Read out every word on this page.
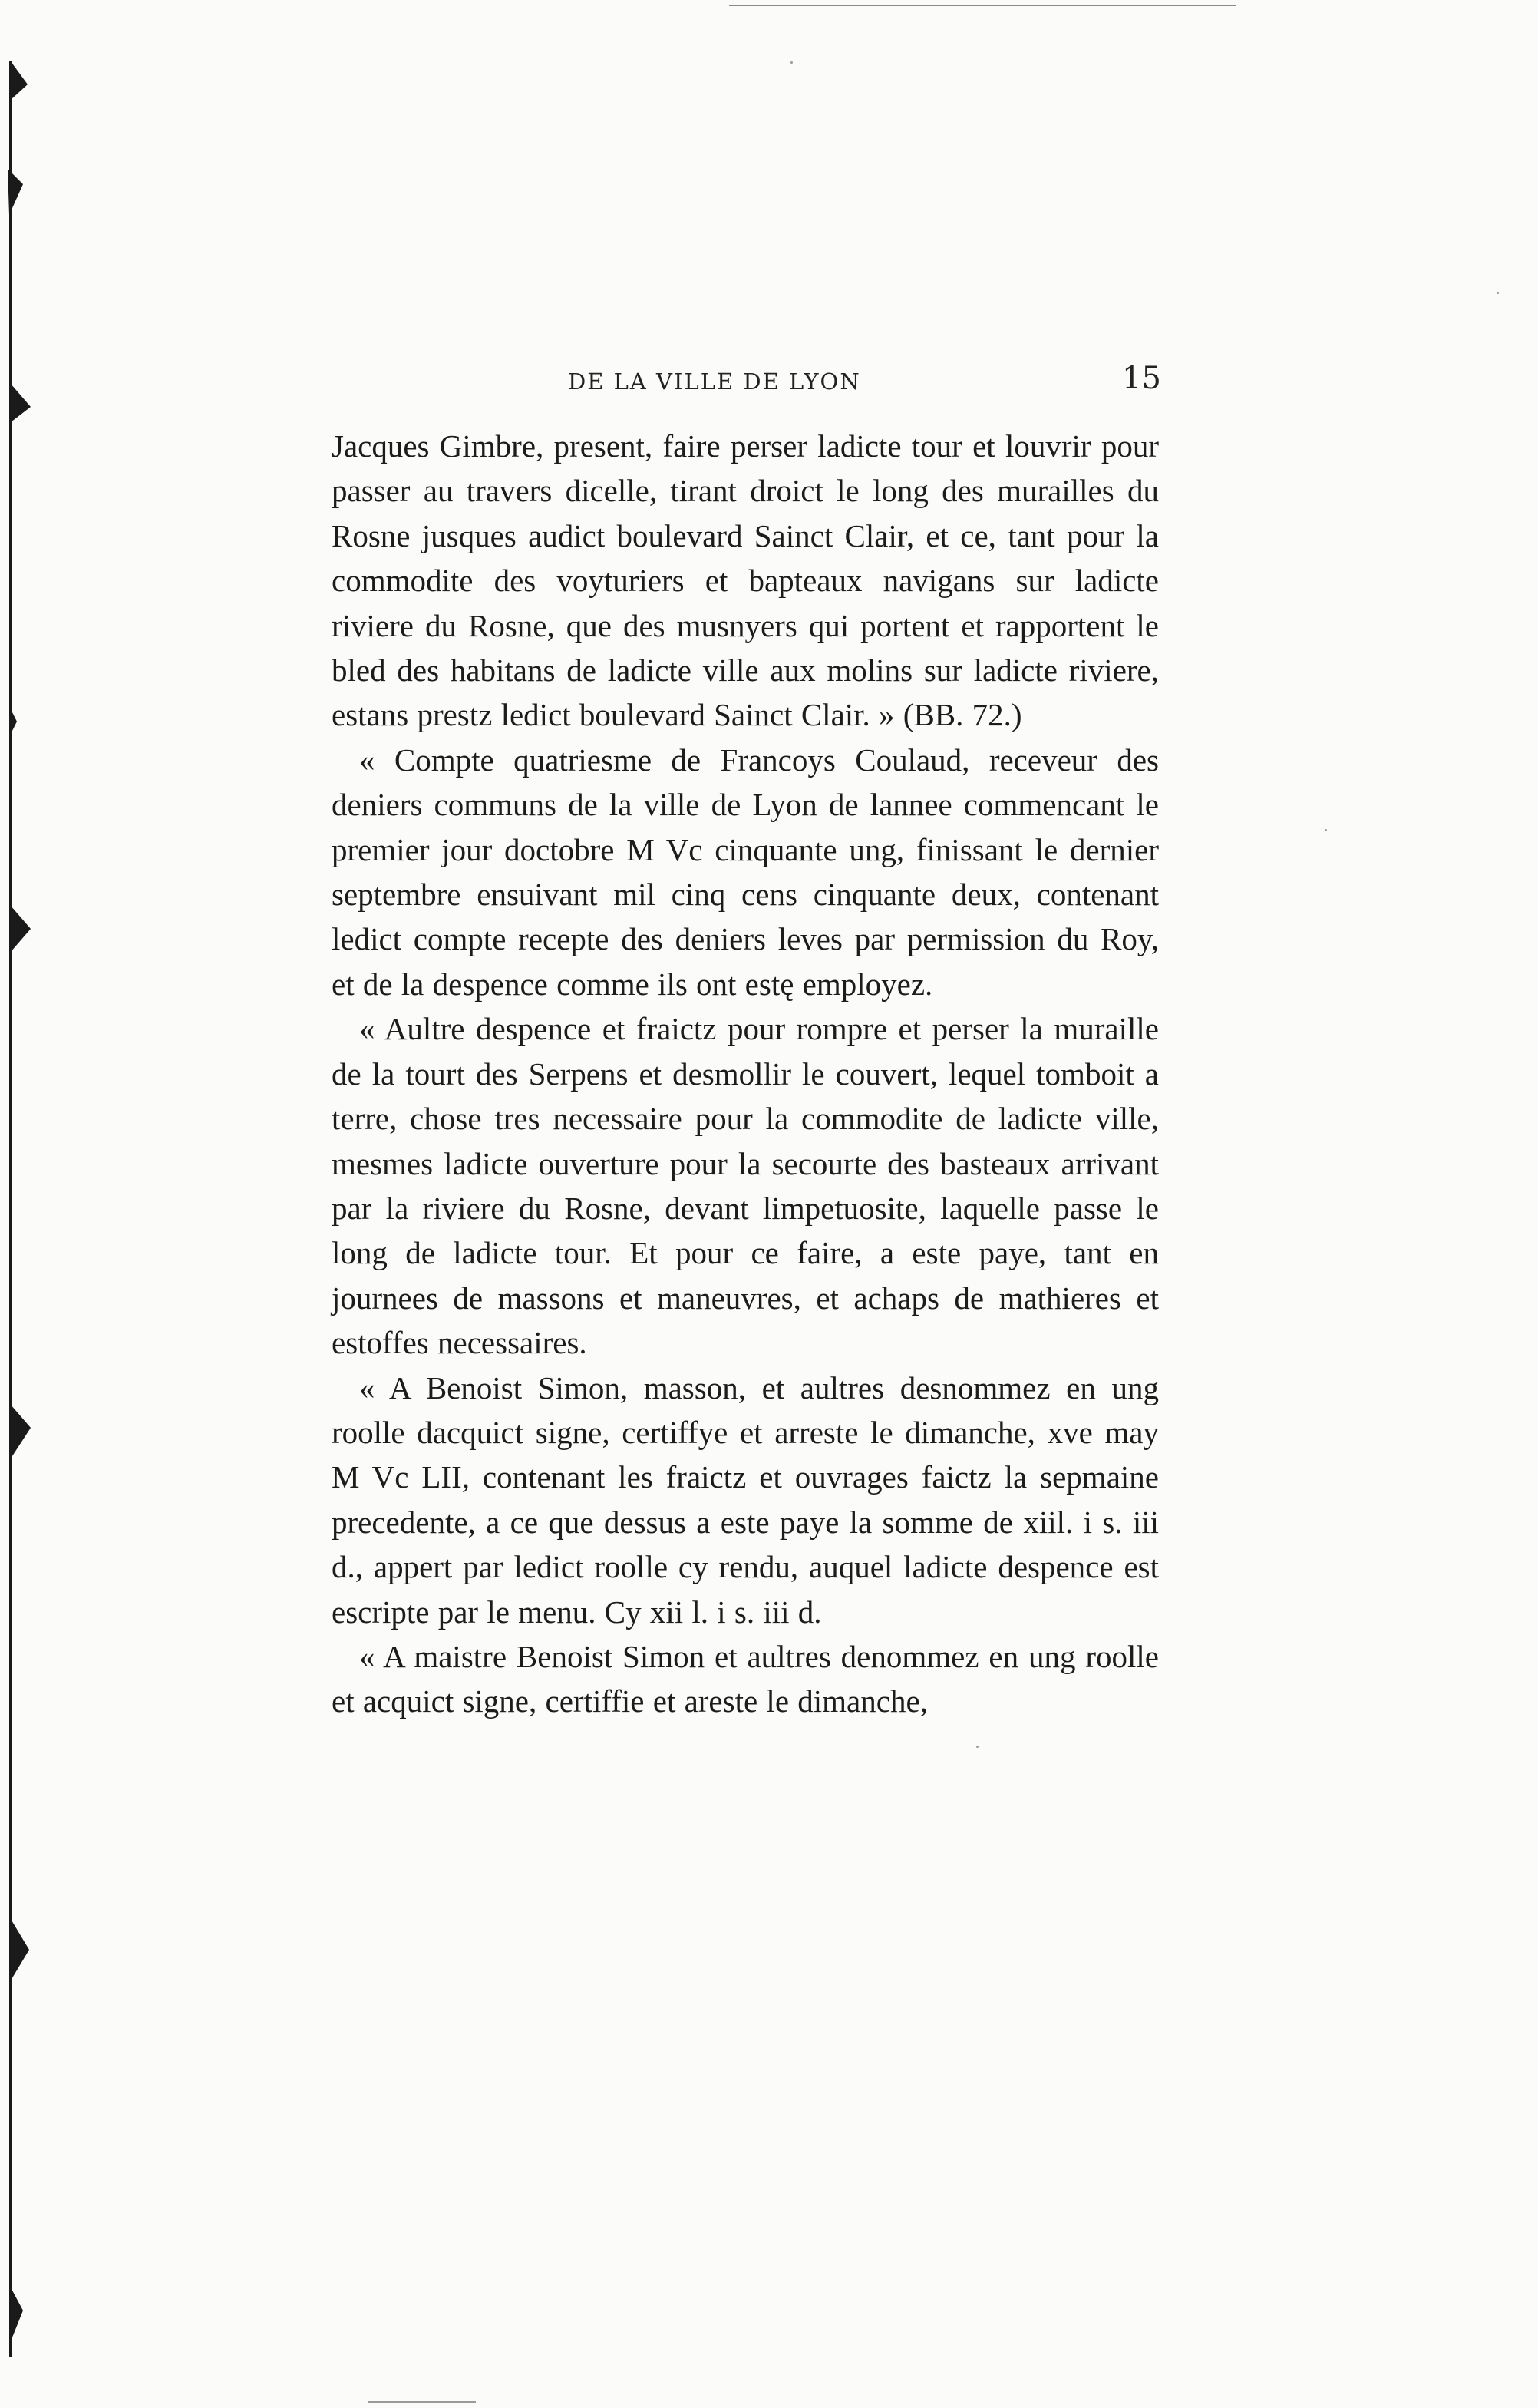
DE LA VILLE DE LYON	15

Jacques Gimbre, present, faire perser ladicte tour et louvrir pour passer au travers dicelle, tirant droict le long des murailles du Rosne jusques audict boulevard Sainct Clair, et ce, tant pour la commodite des voyturiers et bapteaux navigans sur ladicte riviere du Rosne, que des musnyers qui portent et rapportent le bled des habitans de ladicte ville aux molins sur ladicte riviere, estans prestz ledict boulevard Sainct Clair. » (BB. 72.)

« Compte quatriesme de Francoys Coulaud, receveur des deniers communs de la ville de Lyon de lannee commencant le premier jour doctobre M Vc cinquante ung, finissant le dernier septembre ensuivant mil cinq cens cinquante deux, contenant ledict compte recepte des deniers leves par permission du Roy, et de la despence comme ils ont estę employez.

« Aultre despence et fraictz pour rompre et perser la muraille de la tourt des Serpens et desmollir le couvert, lequel tomboit a terre, chose tres necessaire pour la commodite de ladicte ville, mesmes ladicte ouverture pour la secourte des basteaux arrivant par la riviere du Rosne, devant limpetuosite, laquelle passe le long de ladicte tour. Et pour ce faire, a este paye, tant en journees de massons et maneuvres, et achaps de mathieres et estoffes necessaires.

« A Benoist Simon, masson, et aultres desnommez en ung roolle dacquict signe, certiffye et arreste le dimanche, xve may M Vc LII, contenant les fraictz et ouvrages faictz la sepmaine precedente, a ce que dessus a este paye la somme de xiil. i s. iii d., appert par ledict roolle cy rendu, auquel ladicte despence est escripte par le menu. Cy xii l. i s. iii d.

« A maistre Benoist Simon et aultres denommez en ung roolle et acquict signe, certiffie et areste le dimanche,
